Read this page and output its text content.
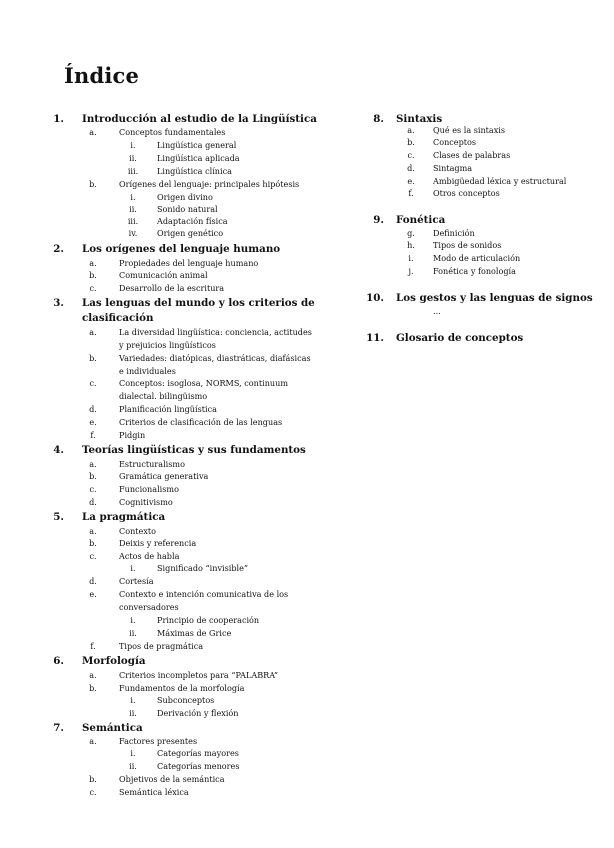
Índice
1. Introducción al estudio de la Lingüística
a.	Conceptos fundamentales
i.	Lingüística general
ii.	Lingüística aplicada
iii.	Lingüística clínica
b.	Orígenes del lenguaje: principales hipótesis
i.	Origen divino
ii.	Sonido natural
iii.	Adaptación física
iv.	Origen genético
2. Los orígenes del lenguaje humano
a.	Propiedades del lenguaje humano
b.	Comunicación animal
c.	Desarrollo de la escritura
3. Las lenguas del mundo y los criterios de
clasificación
a.	La diversidad lingüística: conciencia, actitudes
y prejuicios lingüísticos
b.	Variedades: diatópicas, diastráticas, diafásicas
e individuales
c.	Conceptos: isoglosa, NORMS, continuum
dialectal. bilingüismo
d.	Planificación lingüística
e.	Criterios de clasificación de las lenguas
f.	Pidgin
4. Teorías lingüísticas y sus fundamentos
a.	Estructuralismo
b.	Gramática generativa
c.	Funcionalismo
d.	Cognitivismo
5. La pragmática
a.	Contexto
b.	Deixis y referencia
c.	Actos de habla
i.	Significado “invisible”
d.	Cortesía
e.	Contexto e intención comunicativa de los
conversadores
i.	Principio de cooperación
ii.	Máximas de Grice
f.	Tipos de pragmática
6. Morfología
a.	Criterios incompletos para “PALABRA”
b.	Fundamentos de la morfología
i.	Subconceptos
ii.	Derivación y flexión
7. Semántica
a.	Factores presentes
i.	Categorías mayores
ii.	Categorías menores
b.	Objetivos de la semántica
c.	Semántica léxica
8. Sintaxis
a.	Qué es la sintaxis
b.	Conceptos
c.	Clases de palabras
d.	Sintagma
e.	Ambigüedad léxica y estructural
f.	Otros conceptos
9. Fonética
g.	Definición
h.	Tipos de sonidos
i.	Modo de articulación
j.	Fonética y fonología
10. Los gestos y las lenguas de signos
...
11. Glosario de conceptos
